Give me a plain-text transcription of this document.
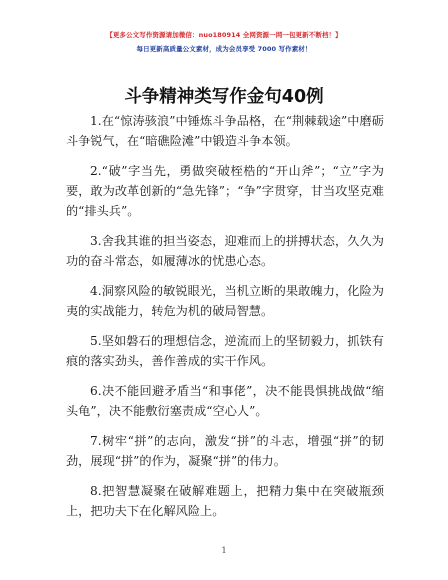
【更多公文写作资源请加微信：nuo180914 全网资源一网一包更新不断档！】
每日更新高质量公文素材，成为会员享受 7000 写作素材！
斗争精神类写作金句40例

1.在“惊涛骇浪”中锤炼斗争品格，在“荆棘载途”中磨砺斗争锐气，在“暗礁险滩”中锻造斗争本领。

2.“破”字当先，勇做突破桎梏的“开山斧”；“立”字为要，敢为改革创新的“急先锋”；“争”字贯穿，甘当攻坚克难的“排头兵”。

3.舍我其谁的担当姿态，迎难而上的拼搏状态，久久为功的奋斗常态，如履薄冰的忧患心态。

4.洞察风险的敏锐眼光，当机立断的果敢魄力，化险为夷的实战能力，转危为机的破局智慧。

5.坚如磐石的理想信念，逆流而上的坚韧毅力，抓铁有痕的落实劲头，善作善成的实干作风。

6.决不能回避矛盾当“和事佬”，决不能畏惧挑战做“缩头龟”，决不能敷衍塞责成“空心人”。

7.树牢“拼”的志向，激发“拼”的斗志，增强“拼”的韧劲，展现“拼”的作为，凝聚“拼”的伟力。

8.把智慧凝聚在破解难题上，把精力集中在突破瓶颈上，把功夫下在化解风险上。

1
